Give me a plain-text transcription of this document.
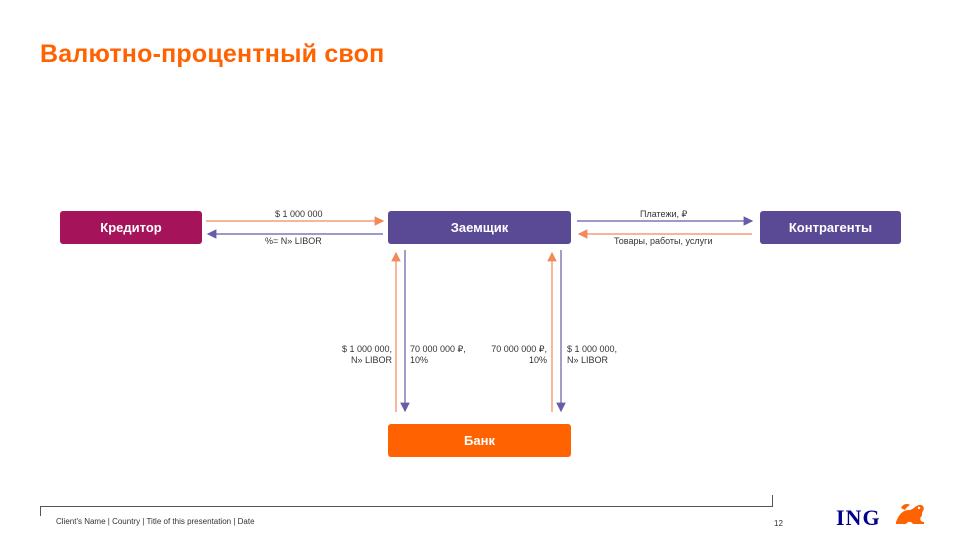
Валютно-процентный своп
Кредитор	Заемщик	Контрагенты
Банк
$ 1 000 000
%= N» LIBOR
Платежи, ₽
Товары, работы, услуги
$ 1 000 000,
N» LIBOR
70 000 000 ₽,
10%
70 000 000 ₽,
10%
$ 1 000 000,
N» LIBOR
Client's Name | Country | Title of this presentation | Date	12 ING
